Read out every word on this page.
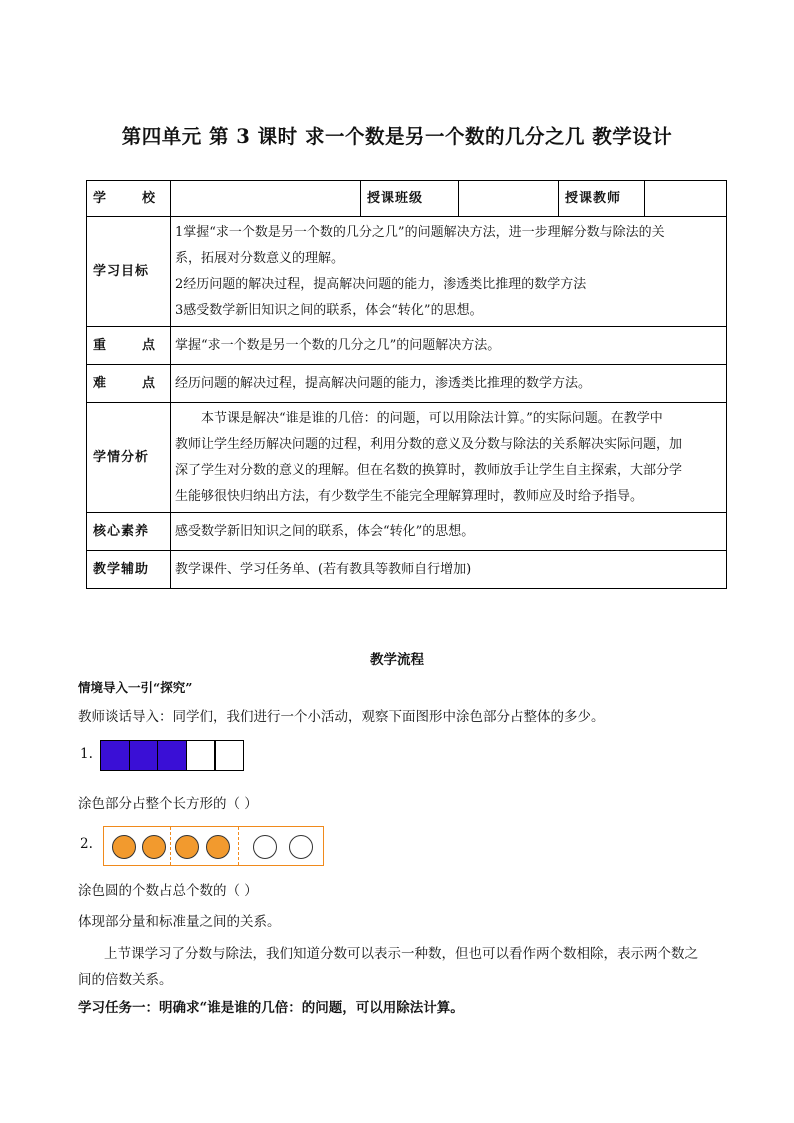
第四单元 第 3 课时 求一个数是另一个数的几分之几 教学设计
学 校		授课班级		授课教师	
学习目标	1掌握“求一个数是另一个数的几分之几”的问题解决方法，进一步理解分数与除法的关

系，拓展对分数意义的理解。

2经历问题的解决过程，提高解决问题的能力，渗透类比推理的数学方法

3感受数学新旧知识之间的联系，体会“转化”的思想。				

重 点	掌握“求一个数是另一个数的几分之几”的问题解决方法。				

难 点	经历问题的解决过程，提高解决问题的能力，渗透类比推理的数学方法。				
学情分析	本节课是解决“谁是谁的几倍：的问题，可以用除法计算。”的实际问题。在教学中

教师让学生经历解决问题的过程，利用分数的意义及分数与除法的关系解决实际问题，加

深了学生对分数的意义的理解。但在名数的换算时，教师放手让学生自主探索，大部分学

生能够很快归纳出方法，有少数学生不能完全理解算理时，教师应及时给予指导。				

核心素养	感受数学新旧知识之间的联系，体会“转化”的思想。				
教学辅助	教学课件、学习任务单、(若有教具等教师自行增加)				
教学流程
情境导入一引“探究”
教师谈话导入：同学们，我们进行一个小活动，观察下面图形中涂色部分占整体的多少。
1.
涂色部分占整个长方形的（ ）
2.
涂色圆的个数占总个数的（ ）
体现部分量和标准量之间的关系。
上节课学习了分数与除法，我们知道分数可以表示一种数，但也可以看作两个数相除，表示两个数之
间的倍数关系。
学习任务一：明确求“谁是谁的几倍：的问题，可以用除法计算。
